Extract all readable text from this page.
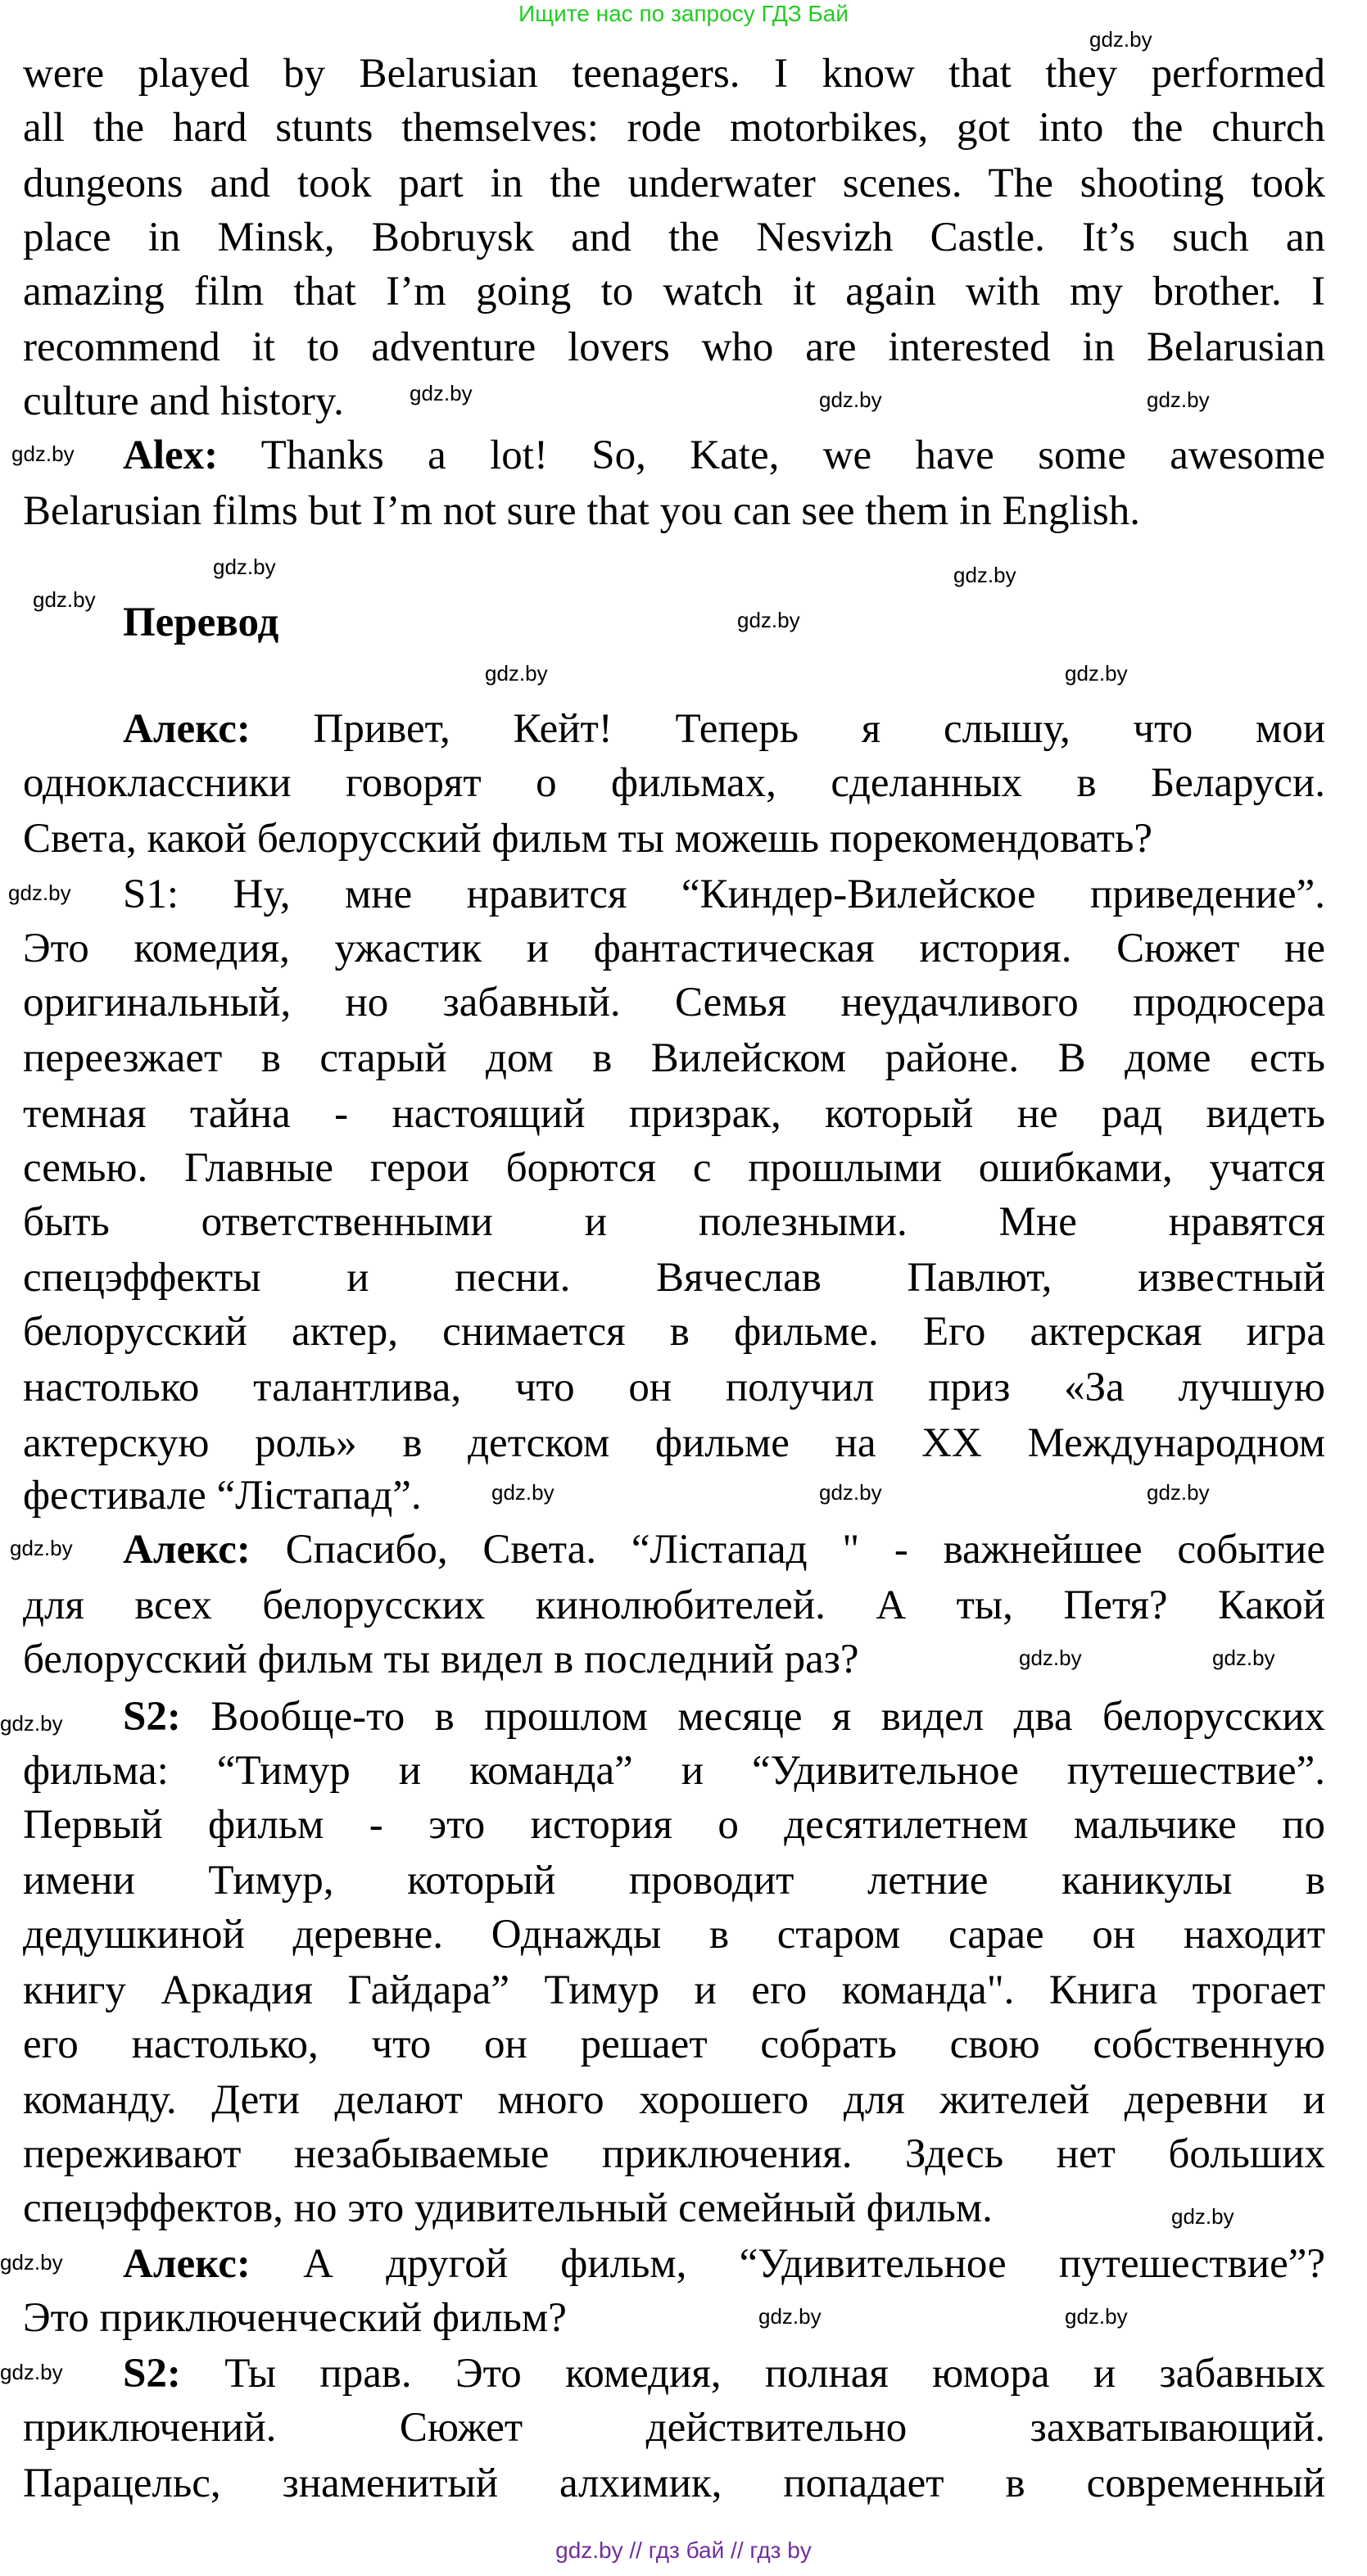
Ищите нас по запросу ГДЗ Бай
Перевод
were played by Belarusian teenagers. I know that they performed
all the hard stunts themselves: rode motorbikes, got into the church
dungeons and took part in the underwater scenes. The shooting took
place in Minsk, Bobruysk and the Nesvizh Castle. It’s such an
amazing film that I’m going to watch it again with my brother. I
recommend it to adventure lovers who are interested in Belarusian
culture and history.
Alex: Thanks a lot! So, Kate, we have some awesome
Belarusian films but I’m not sure that you can see them in English.
Алекс: Привет, Кейт! Теперь я слышу, что мои
одноклассники говорят о фильмах, сделанных в Беларуси.
Света, какой белорусский фильм ты можешь порекомендовать?
S1: Ну, мне нравится “Киндер-Вилейское приведение”.
Это комедия, ужастик и фантастическая история. Сюжет не
оригинальный, но забавный. Семья неудачливого продюсера
переезжает в старый дом в Вилейском районе. В доме есть
темная тайна - настоящий призрак, который не рад видеть
семью. Главные герои борются с прошлыми ошибками, учатся
быть ответственными и полезными. Мне нравятся
спецэффекты и песни. Вячеслав Павлют, известный
белорусский актер, снимается в фильме. Его актерская игра
настолько талантлива, что он получил приз «За лучшую
актерскую роль» в детском фильме на XX Международном
фестивале “Лістапад”.
Алекс: Спасибо, Света. “Лістапад " - важнейшее событие
для всех белорусских кинолюбителей. А ты, Петя? Какой
белорусский фильм ты видел в последний раз?
S2: Вообще-то в прошлом месяце я видел два белорусских
фильма: “Тимур и команда” и “Удивительное путешествие”.
Первый фильм - это история о десятилетнем мальчике по
имени Тимур, который проводит летние каникулы в
дедушкиной деревне. Однажды в старом сарае он находит
книгу Аркадия Гайдара” Тимур и его команда". Книга трогает
его настолько, что он решает собрать свою собственную
команду. Дети делают много хорошего для жителей деревни и
переживают незабываемые приключения. Здесь нет больших
спецэффектов, но это удивительный семейный фильм.
Алекс: А другой фильм, “Удивительное путешествие”?
Это приключенческий фильм?
S2: Ты прав. Это комедия, полная юмора и забавных
приключений. Сюжет действительно захватывающий.
Парацельс, знаменитый алхимик, попадает в современный
gdz.by
gdz.by	gdz.by	gdz.by
gdz.by
gdz.by	gdz.by
gdz.by
gdz.by
gdz.by	gdz.by
gdz.by
gdz.by	gdz.by	gdz.by
gdz.by
gdz.by	gdz.by
gdz.by
gdz.by
gdz.by
gdz.by	gdz.by
gdz.by
gdz.by // гдз бай // гдз by
